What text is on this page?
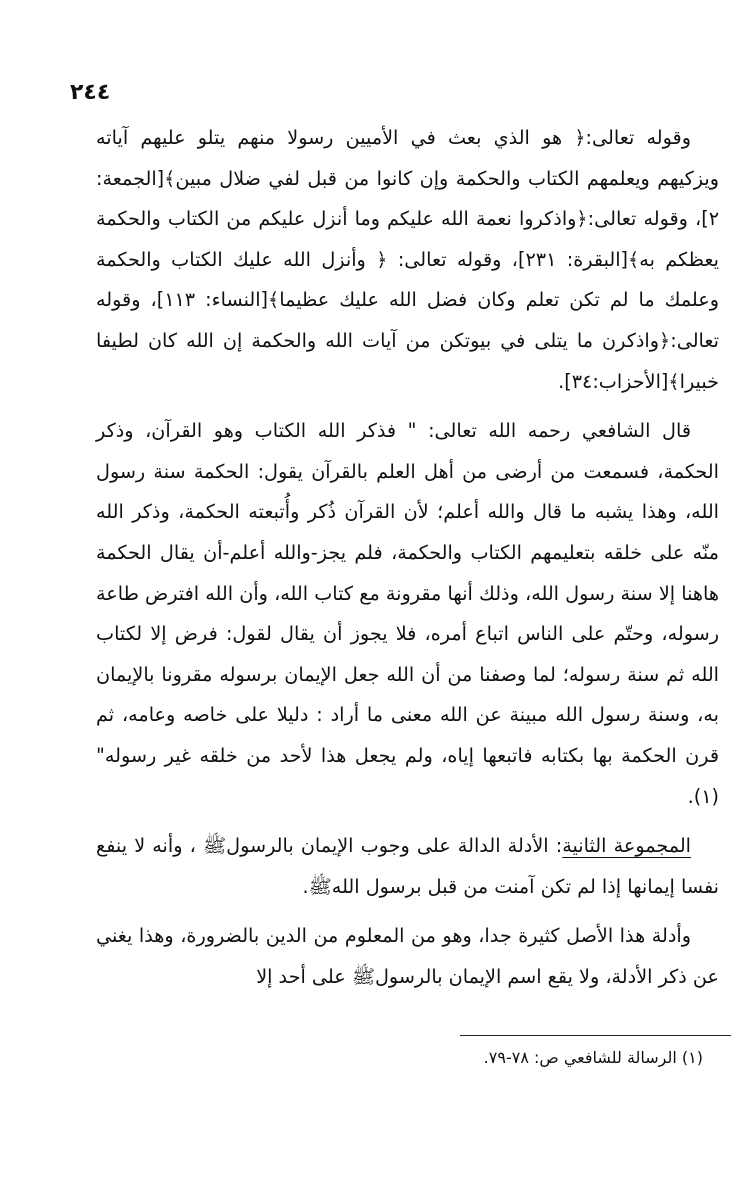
٢٤٤

وقوله تعالى:﴿ هو الذي بعث في الأميين رسولا منهم يتلو عليهم آياته ويزكيهم ويعلمهم الكتاب والحكمة وإن كانوا من قبل لفي ضلال مبين﴾[الجمعة: ٢]، وقوله تعالى:﴿واذكروا نعمة الله عليكم وما أنزل عليكم من الكتاب والحكمة يعظكم به﴾[البقرة: ٢٣١]، وقوله تعالى: ﴿ وأنزل الله عليك الكتاب والحكمة وعلمك ما لم تكن تعلم وكان فضل الله عليك عظيما﴾[النساء: ١١٣]، وقوله تعالى:﴿واذكرن ما يتلى في بيوتكن من آيات الله والحكمة إن الله كان لطيفا خبيرا﴾[الأحزاب:٣٤].

قال الشافعي رحمه الله تعالى: " فذكر الله الكتاب وهو القرآن، وذكر الحكمة، فسمعت من أرضى من أهل العلم بالقرآن يقول: الحكمة سنة رسول الله، وهذا يشبه ما قال والله أعلم؛ لأن القرآن ذُكر وأُتبعته الحكمة، وذكر الله منّه على خلقه بتعليمهم الكتاب والحكمة، فلم يجز-والله أعلم-أن يقال الحكمة هاهنا إلا سنة رسول الله، وذلك أنها مقرونة مع كتاب الله، وأن الله افترض طاعة رسوله، وحتّم على الناس اتباع أمره، فلا يجوز أن يقال لقول: فرض إلا لكتاب الله ثم سنة رسوله؛ لما وصفنا من أن الله جعل الإيمان برسوله مقرونا بالإيمان به، وسنة رسول الله مبينة عن الله معنى ما أراد : دليلا على خاصه وعامه، ثم قرن الحكمة بها بكتابه فاتبعها إياه، ولم يجعل هذا لأحد من خلقه غير رسوله"(١).

المجموعة الثانية: الأدلة الدالة على وجوب الإيمان بالرسولﷺ ، وأنه لا ينفع نفسا إيمانها إذا لم تكن آمنت من قبل برسول اللهﷺ.

وأدلة هذا الأصل كثيرة جدا، وهو من المعلوم من الدين بالضرورة، وهذا يغني عن ذكر الأدلة، ولا يقع اسم الإيمان بالرسولﷺ على أحد إلا

(١) الرسالة للشافعي ص: ٧٨-٧٩.
